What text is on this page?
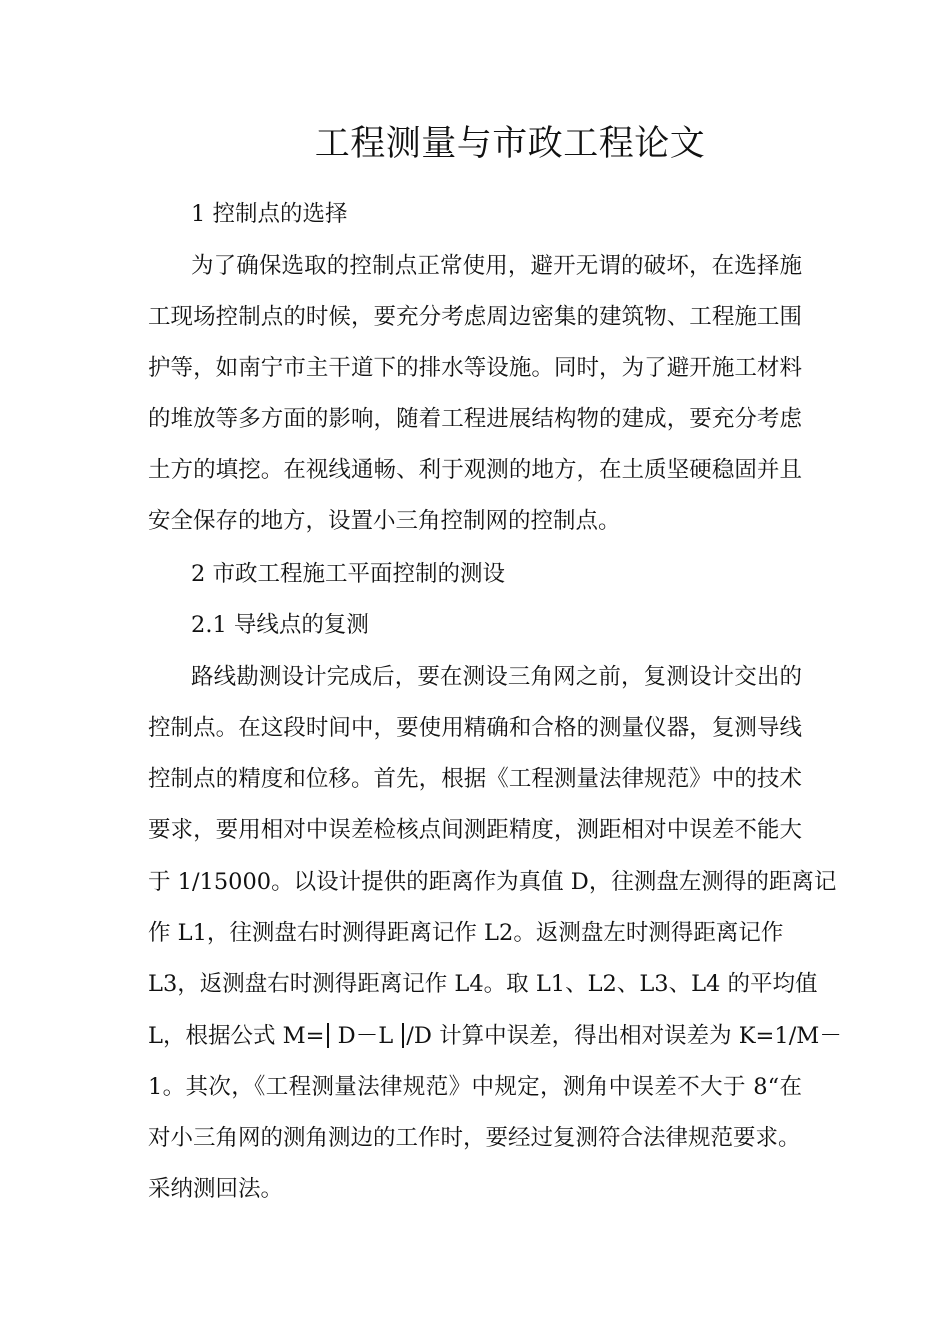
工程测量与市政工程论文

1 控制点的选择

为了确保选取的控制点正常使用，避开无谓的破坏，在选择施

工现场控制点的时候，要充分考虑周边密集的建筑物、工程施工围

护等，如南宁市主干道下的排水等设施。同时，为了避开施工材料

的堆放等多方面的影响，随着工程进展结构物的建成，要充分考虑

土方的填挖。在视线通畅、利于观测的地方，在土质坚硬稳固并且

安全保存的地方，设置小三角控制网的控制点。

2 市政工程施工平面控制的测设

2.1 导线点的复测

路线勘测设计完成后，要在测设三角网之前，复测设计交出的

控制点。在这段时间中，要使用精确和合格的测量仪器，复测导线

控制点的精度和位移。首先，根据《工程测量法律规范》中的技术

要求，要用相对中误差检核点间测距精度，测距相对中误差不能大

于 1/15000。以设计提供的距离作为真值 D，往测盘左测得的距离记

作 L1，往测盘右时测得距离记作 L2。返测盘左时测得距离记作

L3，返测盘右时测得距离记作 L4。取 L1、L2、L3、L4 的平均值

L，根据公式 M= D－L /D 计算中误差，得出相对误差为 K=1/M－

1。其次，《工程测量法律规范》中规定，测角中误差不大于 8“在

对小三角网的测角测边的工作时，要经过复测符合法律规范要求。

采纳测回法。
